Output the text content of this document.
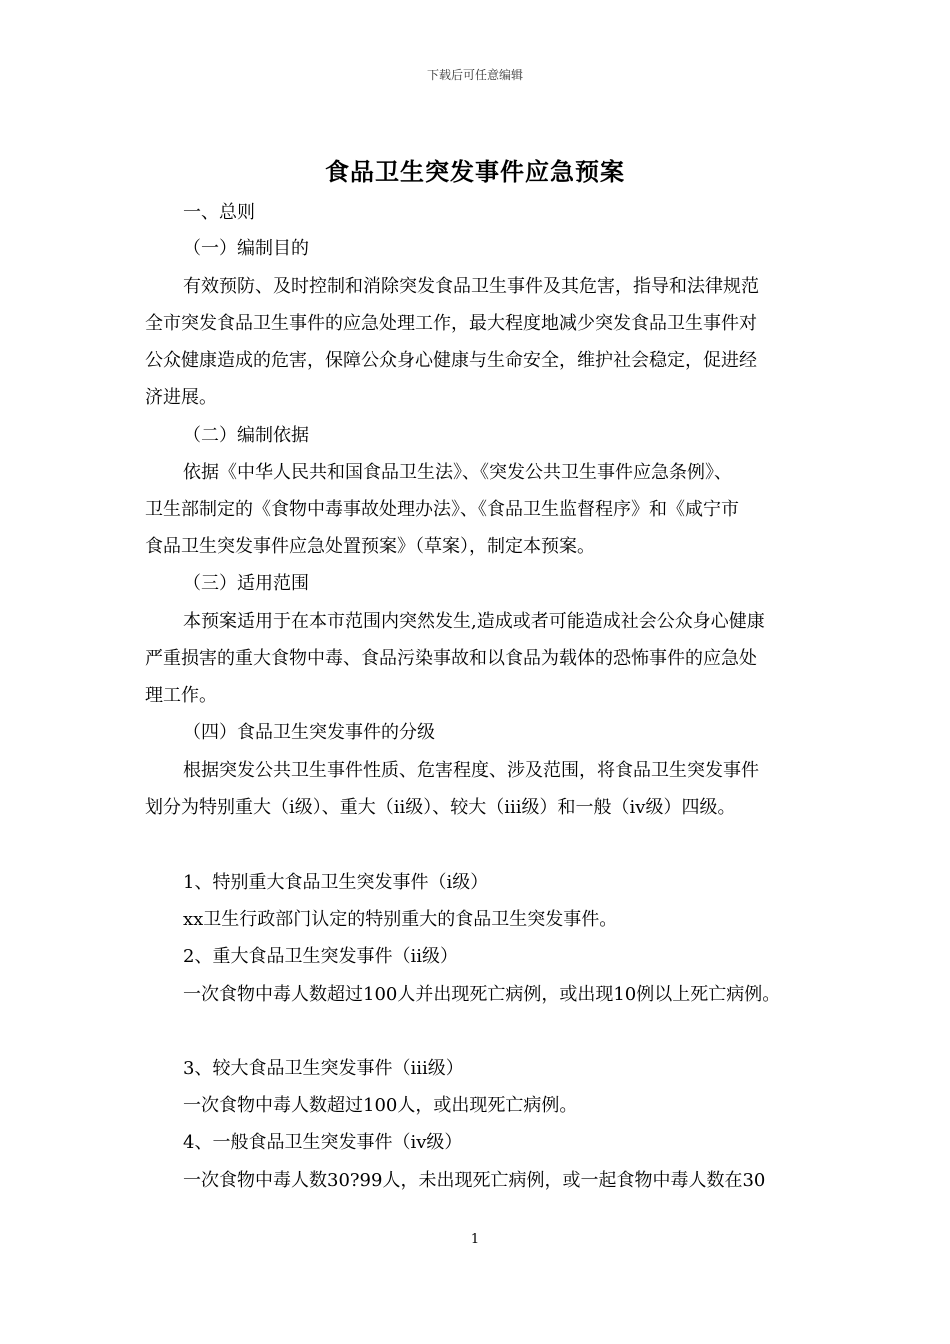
下载后可任意编辑
食品卫生突发事件应急预案
一、总则
（一）编制目的
有效预防、及时控制和消除突发食品卫生事件及其危害，指导和法律规范
全市突发食品卫生事件的应急处理工作，最大程度地减少突发食品卫生事件对
公众健康造成的危害，保障公众身心健康与生命安全，维护社会稳定，促进经
济进展。
（二）编制依据
依据《中华人民共和国食品卫生法》、《突发公共卫生事件应急条例》、
卫生部制定的《食物中毒事故处理办法》、《食品卫生监督程序》和《咸宁市
食品卫生突发事件应急处置预案》（草案），制定本预案。
（三）适用范围
本预案适用于在本市范围内突然发生,造成或者可能造成社会公众身心健康
严重损害的重大食物中毒、食品污染事故和以食品为载体的恐怖事件的应急处
理工作。
（四）食品卫生突发事件的分级
根据突发公共卫生事件性质、危害程度、涉及范围，将食品卫生突发事件
划分为特别重大（ⅰ级）、重大（ⅱ级）、较大（ⅲ级）和一般（ⅳ级）四级。
1、特别重大食品卫生突发事件（ⅰ级）
xx卫生行政部门认定的特别重大的食品卫生突发事件。
2、重大食品卫生突发事件（ⅱ级）
一次食物中毒人数超过100人并出现死亡病例，或出现10例以上死亡病例。
3、较大食品卫生突发事件（ⅲ级）
一次食物中毒人数超过100人，或出现死亡病例。
4、一般食品卫生突发事件（ⅳ级）
一次食物中毒人数30?99人，未出现死亡病例，或一起食物中毒人数在30
1
